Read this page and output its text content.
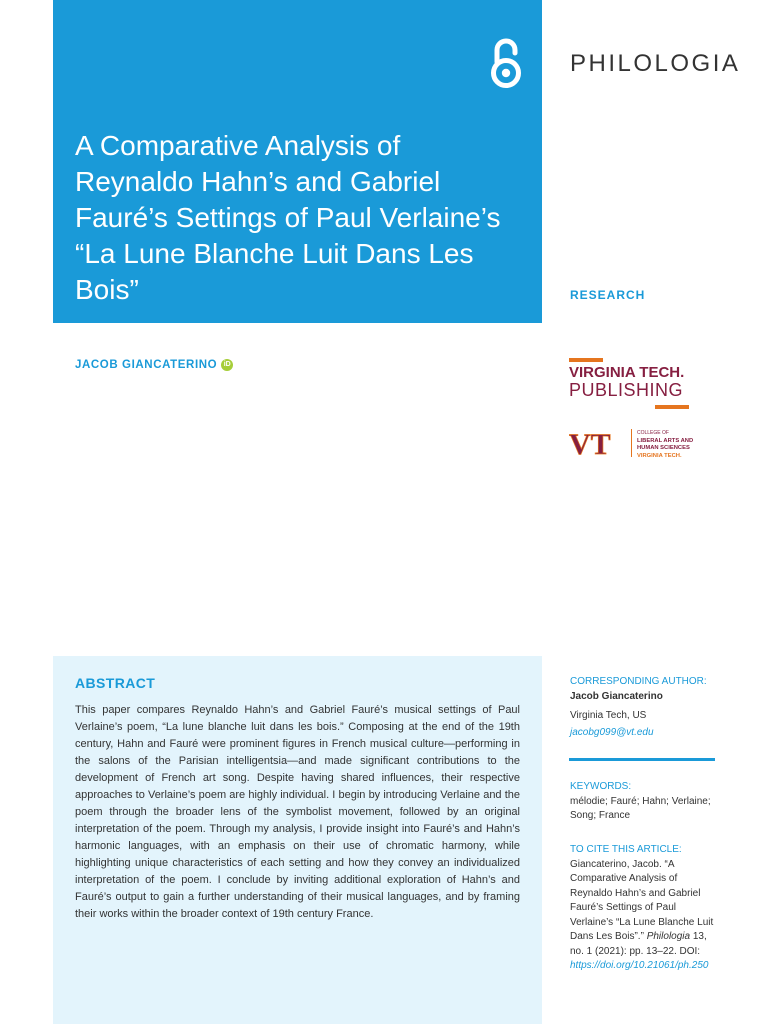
PHILOLOGIA
A Comparative Analysis of Reynaldo Hahn’s and Gabriel Fauré’s Settings of Paul Verlaine’s “La Lune Blanche Luit Dans Les Bois”	RESEARCH
JACOB GIANCATERINO iD	VIRGINIA TECH.
PUBLISHING
VT	COLLEGE OF
LIBERAL ARTS AND
HUMAN SCIENCES
VIRGINIA TECH.
ABSTRACT

This paper compares Reynaldo Hahn’s and Gabriel Fauré’s musical settings of Paul Verlaine’s poem, “La lune blanche luit dans les bois.” Composing at the end of the 19th century, Hahn and Fauré were prominent figures in French musical culture—performing in the salons of the Parisian intelligentsia—and made significant contributions to the development of French art song. Despite having shared influences, their respective approaches to Verlaine’s poem are highly individual. I begin by introducing Verlaine and the poem through the broader lens of the symbolist movement, followed by an original interpretation of the poem. Through my analysis, I provide insight into Fauré’s and Hahn’s harmonic languages, with an emphasis on their use of chromatic harmony, while highlighting unique characteristics of each setting and how they convey an individualized interpretation of the poem. I conclude by inviting additional exploration of Hahn’s and Fauré’s output to gain a further understanding of their musical languages, and by framing their works within the broader context of 19th century France.

CORRESPONDING AUTHOR:
Jacob Giancaterino
Virginia Tech, US
jacobg099@vt.edu
KEYWORDS:
mélodie; Fauré; Hahn; Verlaine; Song; France
TO CITE THIS ARTICLE:
Giancaterino, Jacob. “A Comparative Analysis of Reynaldo Hahn’s and Gabriel Fauré’s Settings of Paul Verlaine’s “La Lune Blanche Luit Dans Les Bois”.” Philologia 13, no. 1 (2021): pp. 13–22. DOI: https://doi.org/10.21061/ph.250
